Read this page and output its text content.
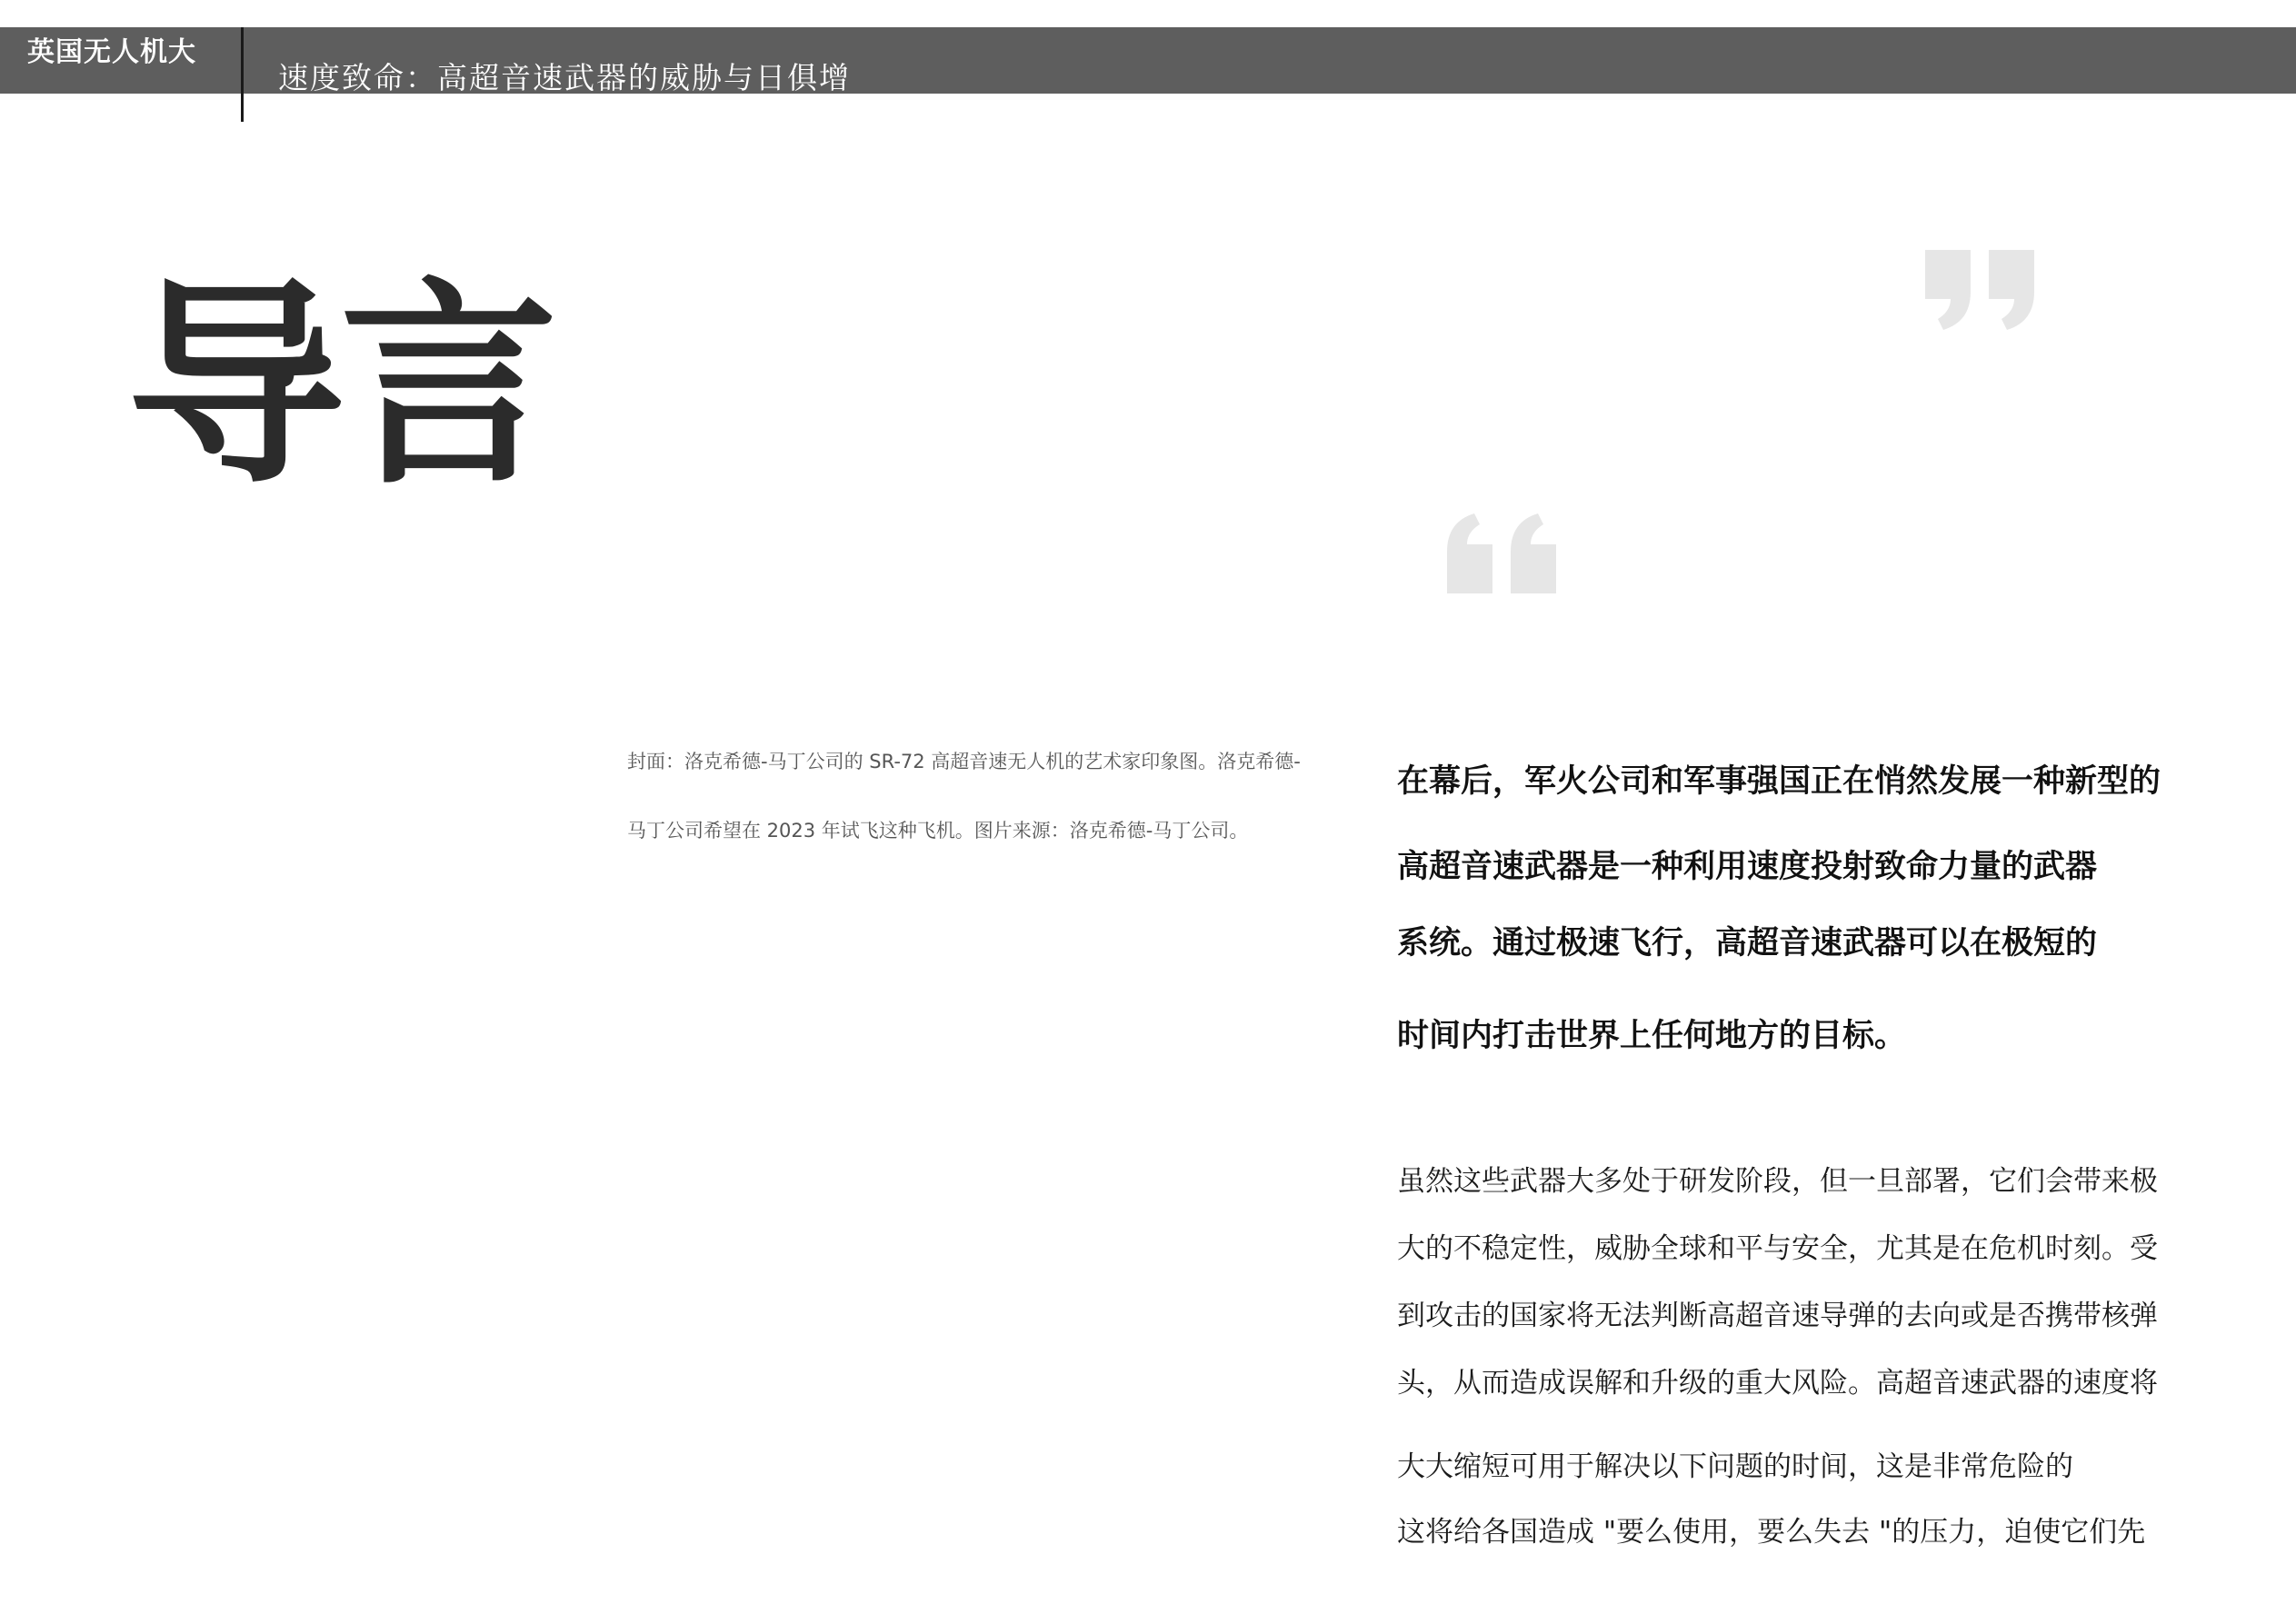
英国无人机大
速度致命：高超音速武器的威胁与日俱增
导言

封面：洛克希德-马丁公司的 SR-72 高超音速无人机的艺术家印象图。洛克希德-

马丁公司希望在 2023 年试飞这种飞机。图片来源：洛克希德-马丁公司。

在幕后，军火公司和军事强国正在悄然发展一种新型的

高超音速武器是一种利用速度投射致命力量的武器

系统。通过极速飞行，高超音速武器可以在极短的

时间内打击世界上任何地方的目标。

虽然这些武器大多处于研发阶段，但一旦部署，它们会带来极

大的不稳定性，威胁全球和平与安全，尤其是在危机时刻。受

到攻击的国家将无法判断高超音速导弹的去向或是否携带核弹

头，从而造成误解和升级的重大风险。高超音速武器的速度将

大大缩短可用于解决以下问题的时间，这是非常危险的

这将给各国造成 "要么使用，要么失去 "的压力，迫使它们先
